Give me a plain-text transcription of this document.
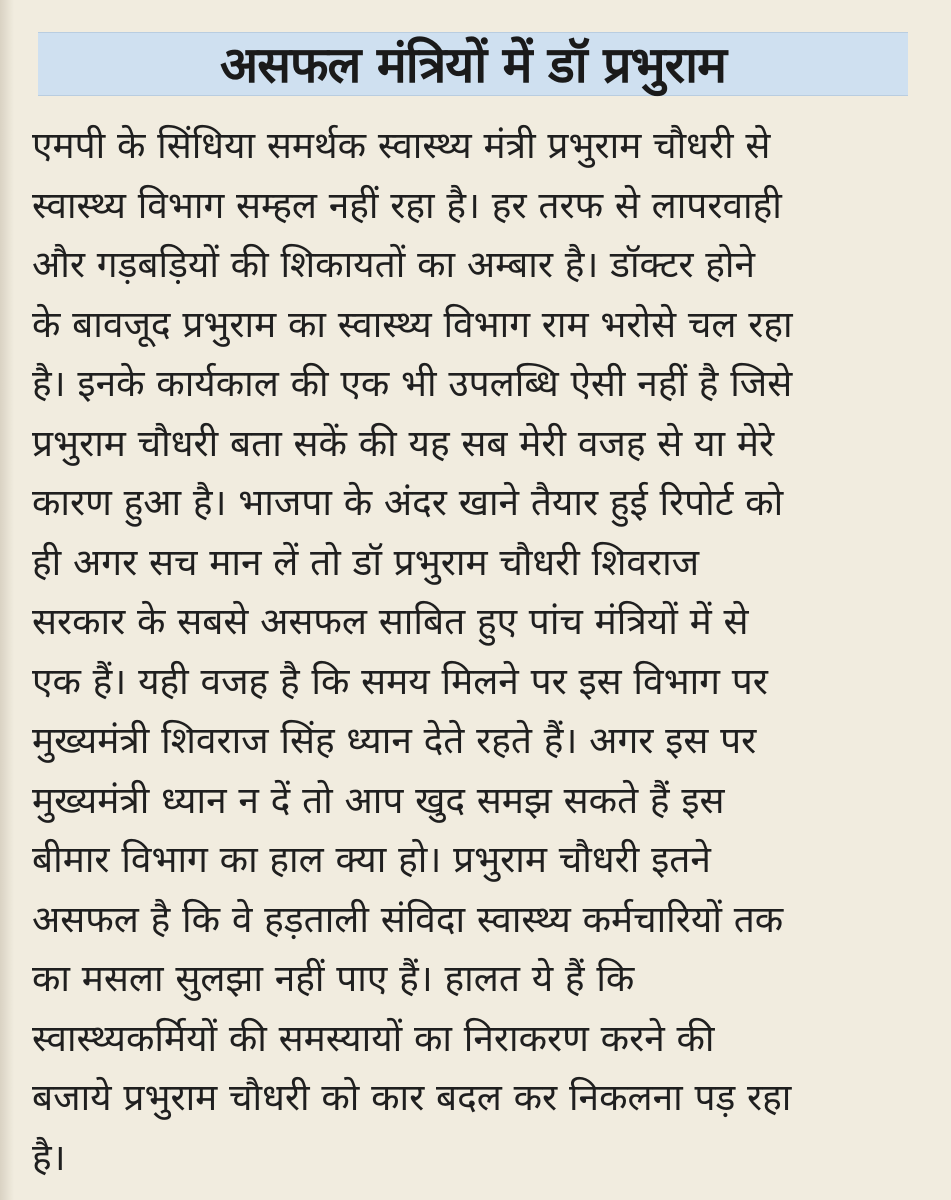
असफल मंत्रियों में डॉ प्रभुराम
एमपी के सिंधिया समर्थक स्वास्थ्य मंत्री प्रभुराम चौधरी से
स्वास्थ्य विभाग सम्हल नहीं रहा है। हर तरफ से लापरवाही
और गड़बड़ियों की शिकायतों का अम्बार है। डॉक्टर होने
के बावजूद प्रभुराम का स्वास्थ्य विभाग राम भरोसे चल रहा
है। इनके कार्यकाल की एक भी उपलब्धि ऐसी नहीं है जिसे
प्रभुराम चौधरी बता सकें की यह सब मेरी वजह से या मेरे
कारण हुआ है। भाजपा के अंदर खाने तैयार हुई रिपोर्ट को
ही अगर सच मान लें तो डॉ प्रभुराम चौधरी शिवराज
सरकार के सबसे असफल साबित हुए पांच मंत्रियों में से
एक हैं। यही वजह है कि समय मिलने पर इस विभाग पर
मुख्यमंत्री शिवराज सिंह ध्यान देते रहते हैं। अगर इस पर
मुख्यमंत्री ध्यान न दें तो आप खुद समझ सकते हैं इस
बीमार विभाग का हाल क्या हो। प्रभुराम चौधरी इतने
असफल है कि वे हड़ताली संविदा स्वास्थ्य कर्मचारियों तक
का मसला सुलझा नहीं पाए हैं। हालत ये हैं कि
स्वास्थ्यकर्मियों की समस्यायों का निराकरण करने की
बजाये प्रभुराम चौधरी को कार बदल कर निकलना पड़ रहा
है।
